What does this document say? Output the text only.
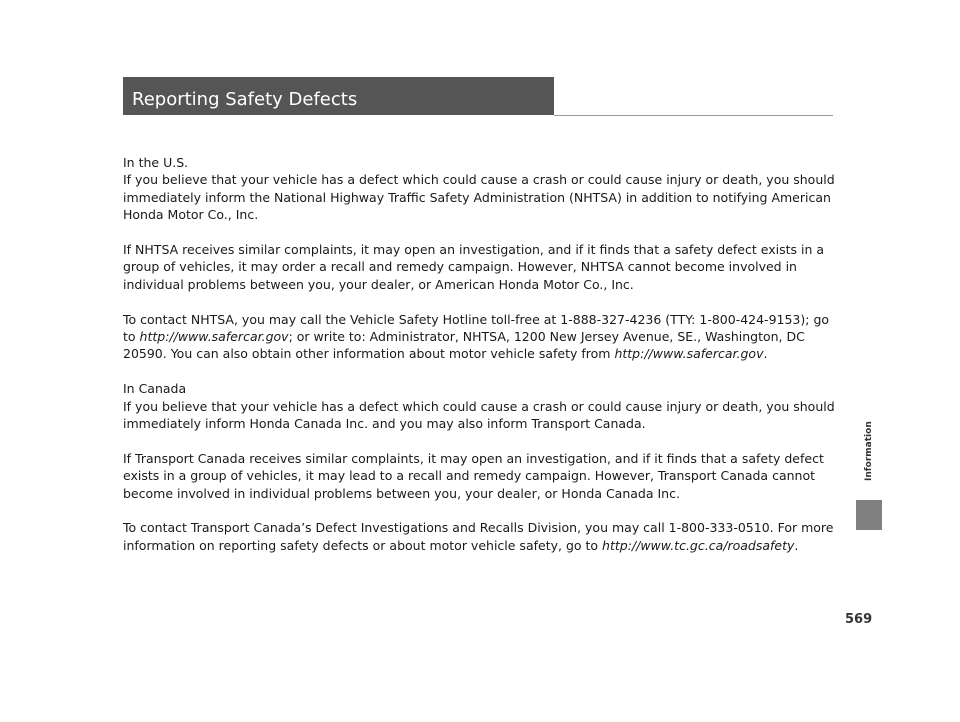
Reporting Safety Defects

In the U.S.

If you believe that your vehicle has a defect which could cause a crash or could cause injury or death, you should immediately inform the National Highway Traffic Safety Administration (NHTSA) in addition to notifying American Honda Motor Co., Inc.

If NHTSA receives similar complaints, it may open an investigation, and if it finds that a safety defect exists in a group of vehicles, it may order a recall and remedy campaign. However, NHTSA cannot become involved in individual problems between you, your dealer, or American Honda Motor Co., Inc.

To contact NHTSA, you may call the Vehicle Safety Hotline toll-free at 1-888-327-4236 (TTY: 1-800-424-9153); go to http://www.safercar.gov; or write to: Administrator, NHTSA, 1200 New Jersey Avenue, SE., Washington, DC 20590. You can also obtain other information about motor vehicle safety from http://www.safercar.gov.

In Canada

If you believe that your vehicle has a defect which could cause a crash or could cause injury or death, you should immediately inform Honda Canada Inc. and you may also inform Transport Canada.

If Transport Canada receives similar complaints, it may open an investigation, and if it finds that a safety defect exists in a group of vehicles, it may lead to a recall and remedy campaign. However, Transport Canada cannot become involved in individual problems between you, your dealer, or Honda Canada Inc.

To contact Transport Canada’s Defect Investigations and Recalls Division, you may call 1-800-333-0510. For more information on reporting safety defects or about motor vehicle safety, go to http://www.tc.gc.ca/roadsafety.

Information
569
